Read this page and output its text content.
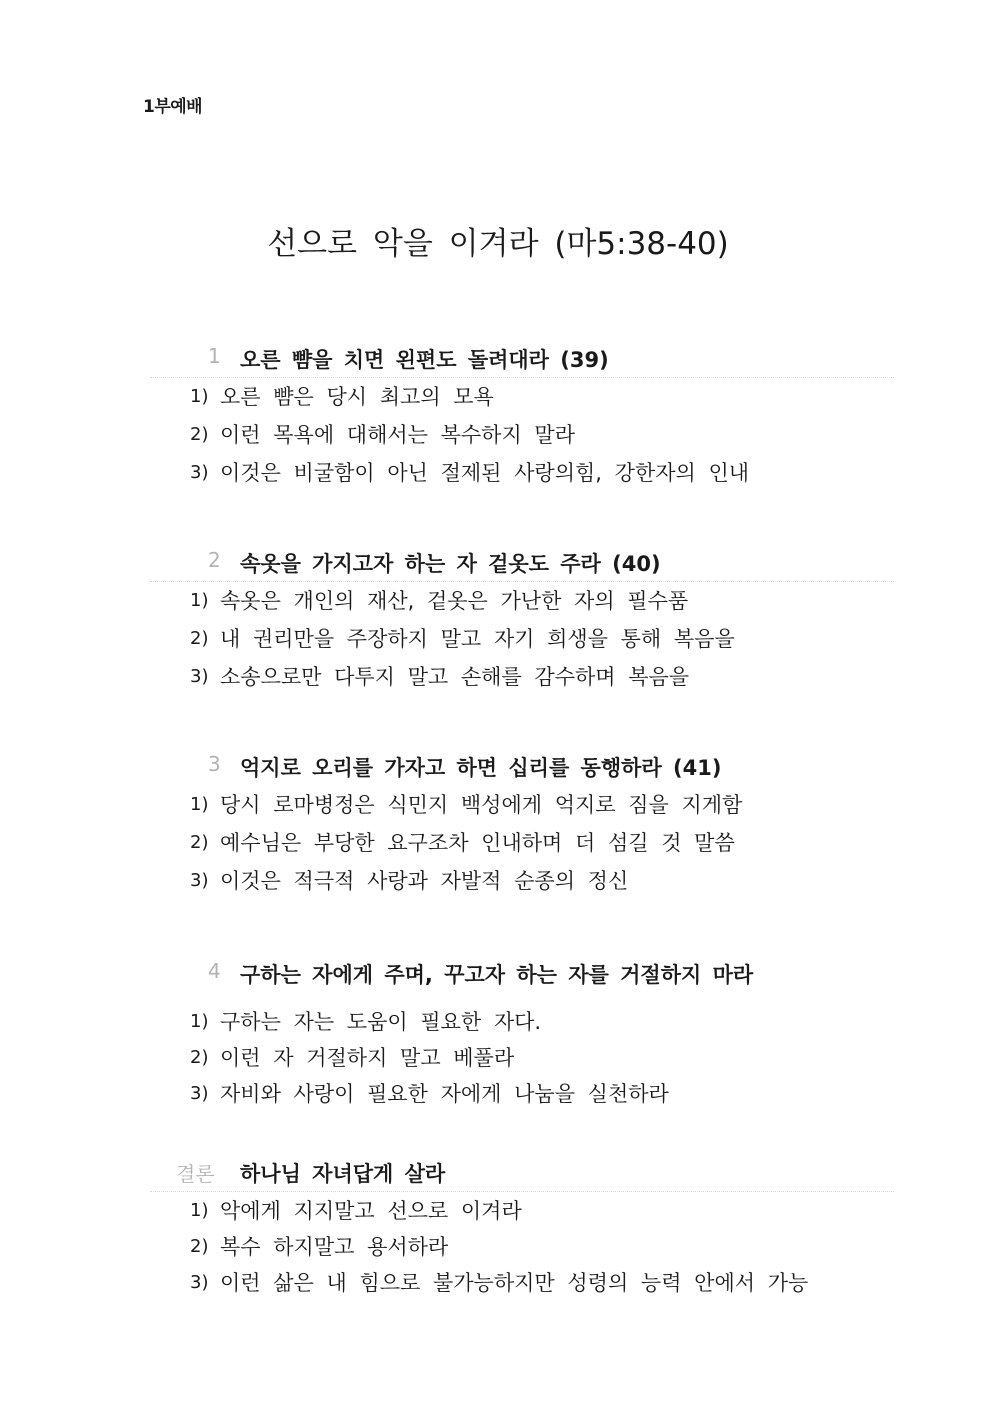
1부예배
선으로 악을 이겨라 (마5:38-40)
1 오른 뺨을 치면 왼편도 돌려대라 (39)
1) 오른 뺨은 당시 최고의 모욕
2) 이런 목욕에 대해서는 복수하지 말라
3) 이것은 비굴함이 아닌 절제된 사랑의힘, 강한자의 인내
2 속옷을 가지고자 하는 자 겉옷도 주라 (40)
1) 속옷은 개인의 재산, 겉옷은 가난한 자의 필수품
2) 내 권리만을 주장하지 말고 자기 희생을 통해 복음을
3) 소송으로만 다투지 말고 손해를 감수하며 복음을
3 억지로 오리를 가자고 하면 십리를 동행하라 (41)
1) 당시 로마병정은 식민지 백성에게 억지로 짐을 지게함
2) 예수님은 부당한 요구조차 인내하며 더 섬길 것 말씀
3) 이것은 적극적 사랑과 자발적 순종의 정신
4 구하는 자에게 주며, 꾸고자 하는 자를 거절하지 마라
1) 구하는 자는 도움이 필요한 자다.
2) 이런 자 거절하지 말고 베풀라
3) 자비와 사랑이 필요한 자에게 나눔을 실천하라
결론 하나님 자녀답게 살라
1) 악에게 지지말고 선으로 이겨라
2) 복수 하지말고 용서하라
3) 이런 삶은 내 힘으로 불가능하지만 성령의 능력 안에서 가능
